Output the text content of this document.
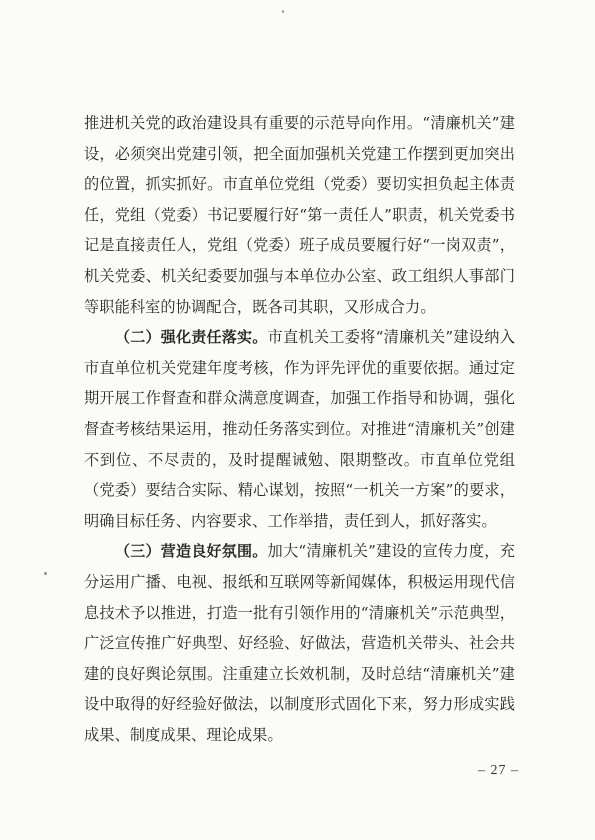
推进机关党的政治建设具有重要的示范导向作用。“清廉机关”建设，必须突出党建引领，把全面加强机关党建工作摆到更加突出的位置，抓实抓好。市直单位党组（党委）要切实担负起主体责任，党组（党委）书记要履行好“第一责任人”职责，机关党委书记是直接责任人，党组（党委）班子成员要履行好“一岗双责”，机关党委、机关纪委要加强与本单位办公室、政工组织人事部门等职能科室的协调配合，既各司其职，又形成合力。

（二）强化责任落实。市直机关工委将“清廉机关”建设纳入市直单位机关党建年度考核，作为评先评优的重要依据。通过定期开展工作督查和群众满意度调查，加强工作指导和协调，强化督查考核结果运用，推动任务落实到位。对推进“清廉机关”创建不到位、不尽责的，及时提醒诫勉、限期整改。市直单位党组（党委）要结合实际、精心谋划，按照“一机关一方案”的要求，明确目标任务、内容要求、工作举措，责任到人，抓好落实。

（三）营造良好氛围。加大“清廉机关”建设的宣传力度，充分运用广播、电视、报纸和互联网等新闻媒体，积极运用现代信息技术予以推进，打造一批有引领作用的“清廉机关”示范典型，广泛宣传推广好典型、好经验、好做法，营造机关带头、社会共建的良好舆论氛围。注重建立长效机制，及时总结“清廉机关”建设中取得的好经验好做法，以制度形式固化下来，努力形成实践成果、制度成果、理论成果。

– 27 –
